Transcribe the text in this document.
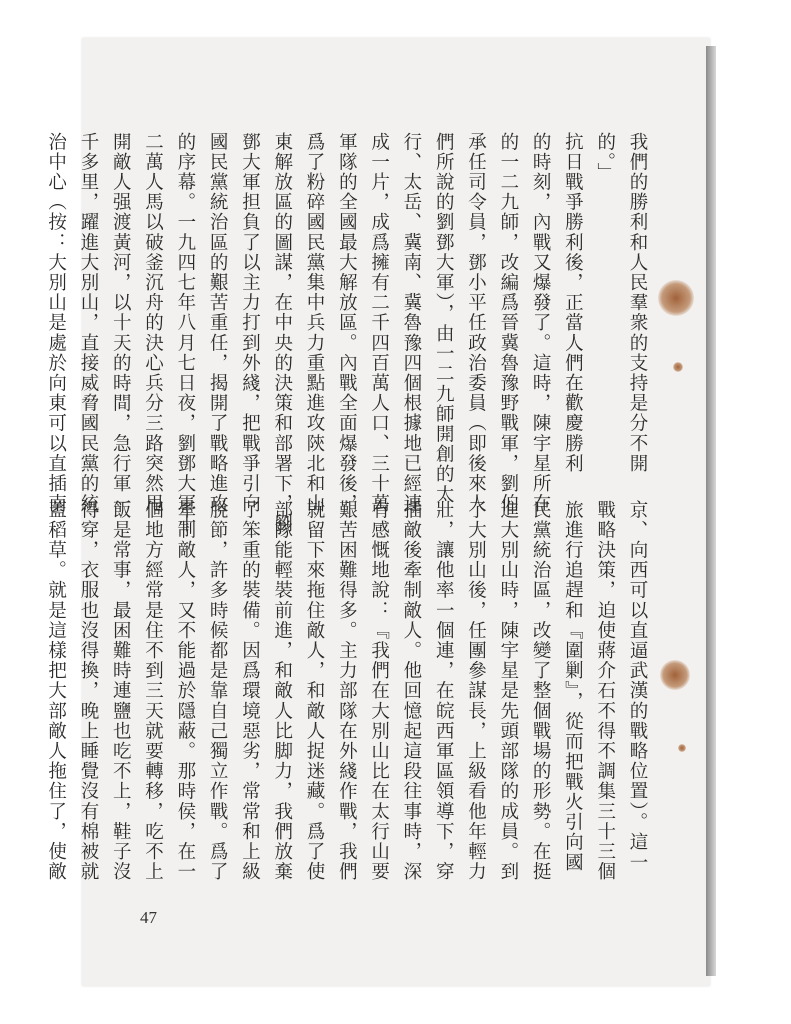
我們的勝利和人民羣衆的支持是分不開
的。」
抗日戰爭勝利後，正當人們在歡慶勝利
的時刻，內戰又爆發了。這時，陳宇星所在
的一二九師，改編爲晉冀魯豫野戰軍，劉伯
承任司令員，鄧小平任政治委員（即後來人
們所說的劉鄧大軍），由一二九師開創的太
行、太岳、冀南、冀魯豫四個根據地已經連
成一片，成爲擁有二千四百萬人口、三十萬
軍隊的全國最大解放區。內戰全面爆發後，
爲了粉碎國民黨集中兵力重點進攻陝北和山
東解放區的圖謀，在中央的決策和部署下，劉
鄧大軍担負了以主力打到外綫，把戰爭引向
國民黨統治區的艱苦重任，揭開了戰略進攻
的序幕。一九四七年八月七日夜，劉鄧大軍十
二萬人馬以破釜沉舟的決心兵分三路突然甩
開敵人强渡黃河，以十天的時間，急行軍一
千多里，躍進大別山，直接威脅國民黨的統
治中心（按：大別山是處於向東可以直插南
京、向西可以直逼武漢的戰略位置）。這一
戰略決策，迫使蔣介石不得不調集三十三個
旅進行追趕和『圍剿』，從而把戰火引向國
民黨統治區，改變了整個戰場的形勢。在挺
進大別山時，陳宇星是先頭部隊的成員。到
了大別山後，任團參謀長，上級看他年輕力
壯，讓他率一個連，在皖西軍區領導下，穿
插敵後牽制敵人。他回憶起這段往事時，深
有感慨地說：『我們在大別山比在太行山要
艱苦困難得多。主力部隊在外綫作戰，我們
就留下來拖住敵人，和敵人捉迷藏。爲了使
部隊能輕裝前進，和敵人比脚力，我們放棄
了笨重的裝備。因爲環境惡劣，常常和上級
脫節，許多時候都是靠自己獨立作戰。爲了
牽制敵人，又不能過於隱蔽。那時侯，在一
個地方經常是住不到三天就要轉移，吃不上
飯是常事，最困難時連鹽也吃不上，鞋子沒
得穿，衣服也沒得換，晚上睡覺沒有棉被就
蓋稻草。就是這樣把大部敵人拖住了，使敵
47
